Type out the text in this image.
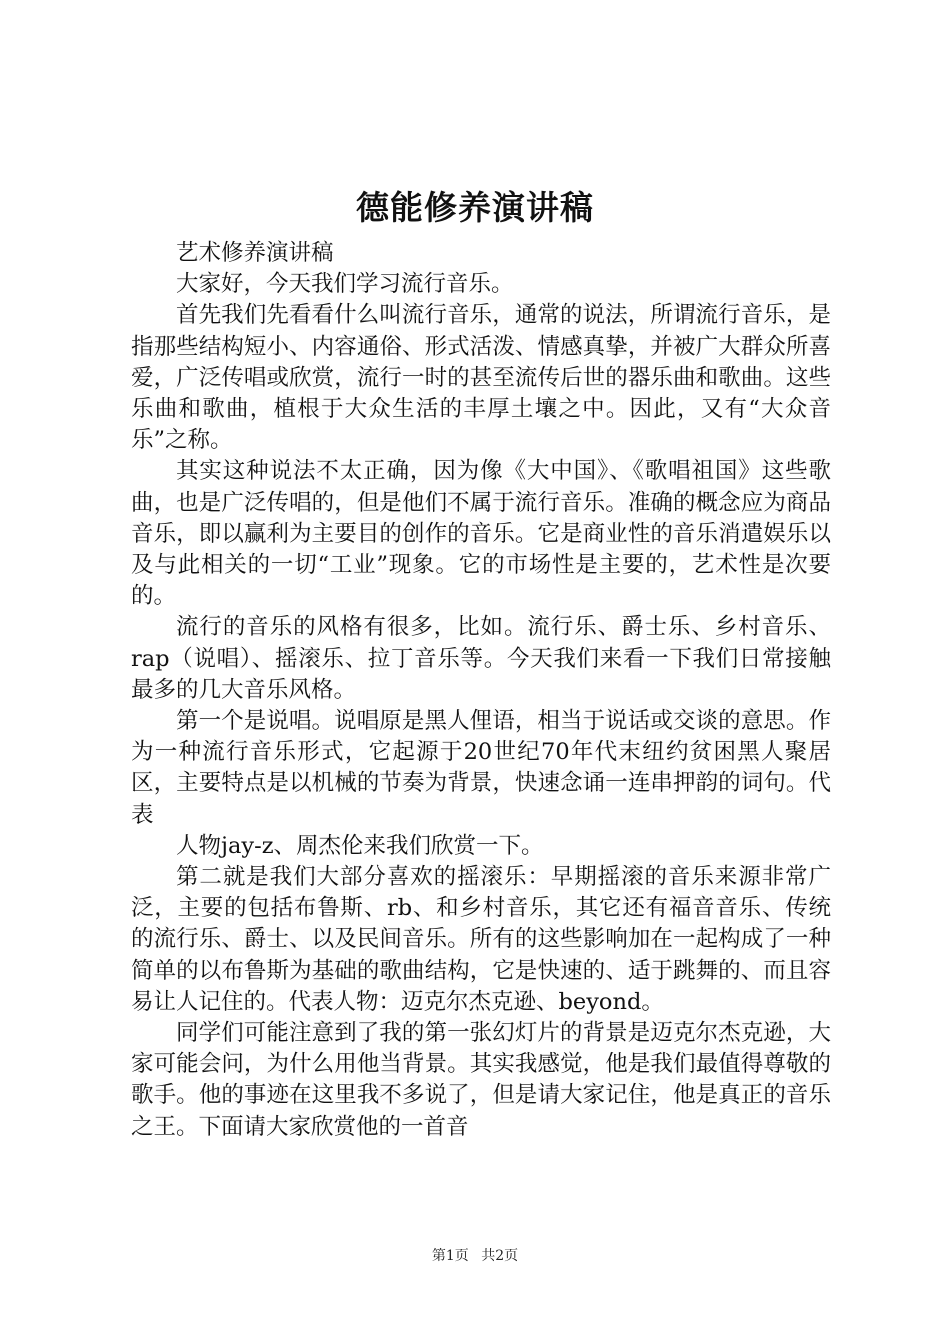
德能修养演讲稿

艺术修养演讲稿

大家好，今天我们学习流行音乐。

首先我们先看看什么叫流行音乐，通常的说法，所谓流行音乐，是指那些结构短小、内容通俗、形式活泼、情感真挚，并被广大群众所喜爱，广泛传唱或欣赏，流行一时的甚至流传后世的器乐曲和歌曲。这些乐曲和歌曲，植根于大众生活的丰厚土壤之中。因此，又有“大众音乐”之称。

其实这种说法不太正确，因为像《大中国》、《歌唱祖国》这些歌曲，也是广泛传唱的，但是他们不属于流行音乐。准确的概念应为商品音乐，即以赢利为主要目的创作的音乐。它是商业性的音乐消遣娱乐以及与此相关的一切“工业”现象。它的市场性是主要的，艺术性是次要的。

流行的音乐的风格有很多，比如。流行乐、爵士乐、乡村音乐、rap（说唱）、摇滚乐、拉丁音乐等。今天我们来看一下我们日常接触最多的几大音乐风格。

第一个是说唱。说唱原是黑人俚语，相当于说话或交谈的意思。作为一种流行音乐形式，它起源于20世纪70年代末纽约贫困黑人聚居区，主要特点是以机械的节奏为背景，快速念诵一连串押韵的词句。代表

人物jay-z、周杰伦来我们欣赏一下。

第二就是我们大部分喜欢的摇滚乐：早期摇滚的音乐来源非常广泛，主要的包括布鲁斯、rb、和乡村音乐，其它还有福音音乐、传统的流行乐、爵士、以及民间音乐。所有的这些影响加在一起构成了一种简单的以布鲁斯为基础的歌曲结构，它是快速的、适于跳舞的、而且容易让人记住的。代表人物：迈克尔杰克逊、beyond。

同学们可能注意到了我的第一张幻灯片的背景是迈克尔杰克逊，大家可能会问，为什么用他当背景。其实我感觉，他是我们最值得尊敬的歌手。他的事迹在这里我不多说了，但是请大家记住，他是真正的音乐之王。下面请大家欣赏他的一首音

第1页 共2页
